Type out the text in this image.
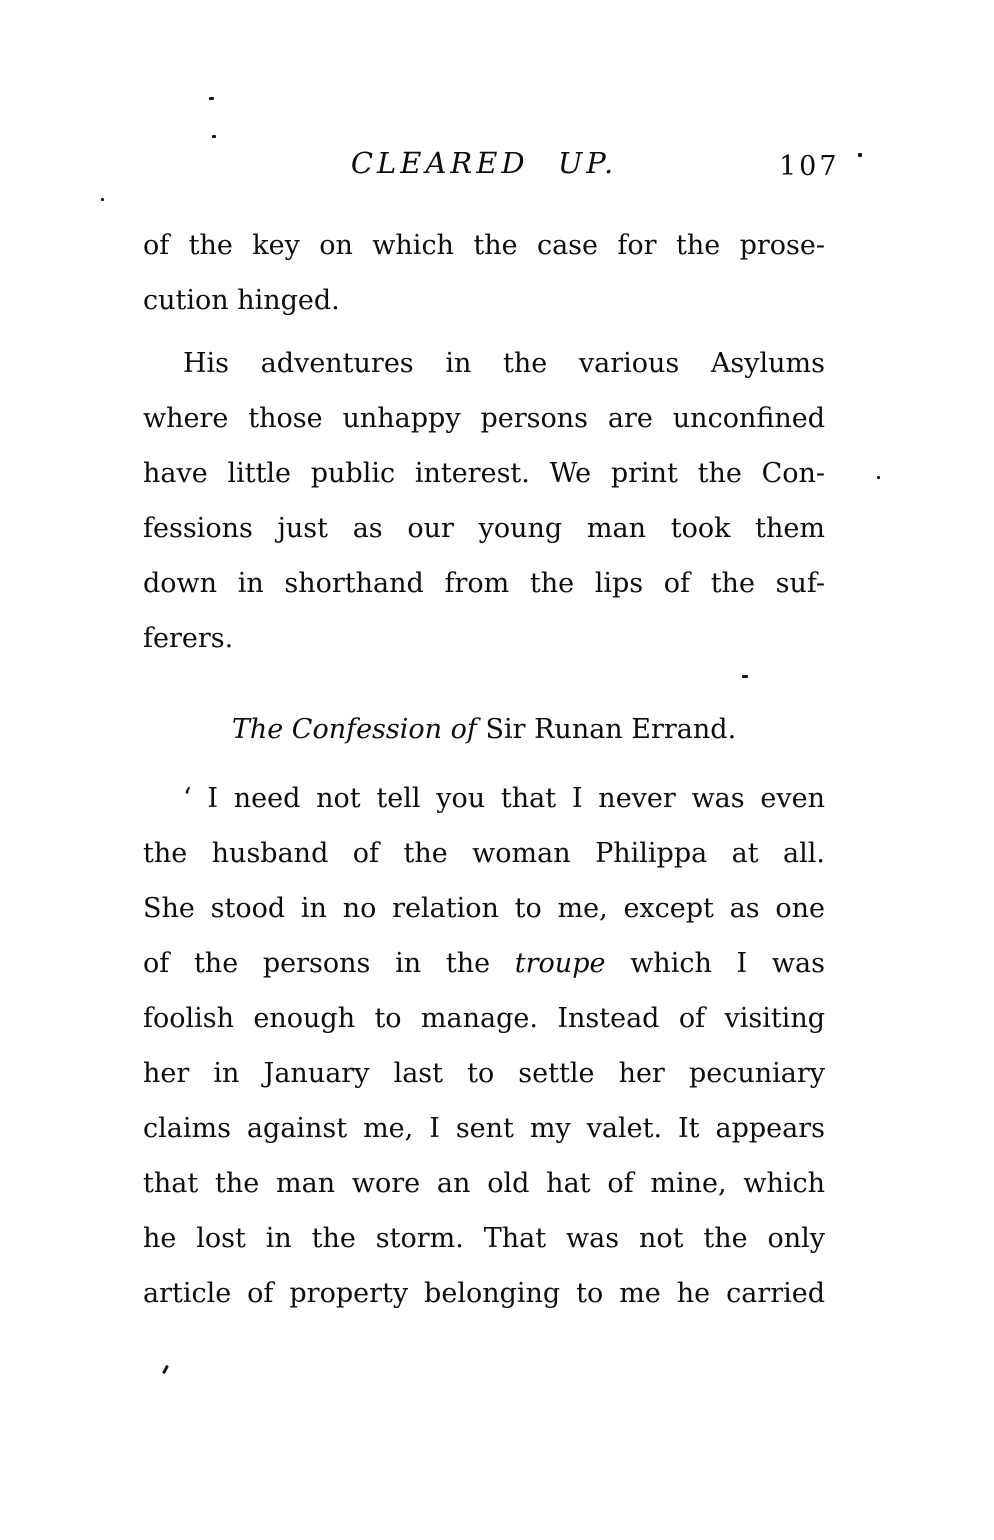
CLEARED UP.	107
of the key on which the case for the prose-
cution hinged.
His adventures in the various Asylums
where those unhappy persons are unconfined
have little public interest. We print the Con-
fessions just as our young man took them
down in shorthand from the lips of the suf-
ferers.
The Confession of Sir Runan Errand.
‘ I need not tell you that I never was even
the husband of the woman Philippa at all.
She stood in no relation to me, except as one
of the persons in the troupe which I was
foolish enough to manage. Instead of visiting
her in January last to settle her pecuniary
claims against me, I sent my valet. It appears
that the man wore an old hat of mine, which
he lost in the storm. That was not the only
article of property belonging to me he carried
